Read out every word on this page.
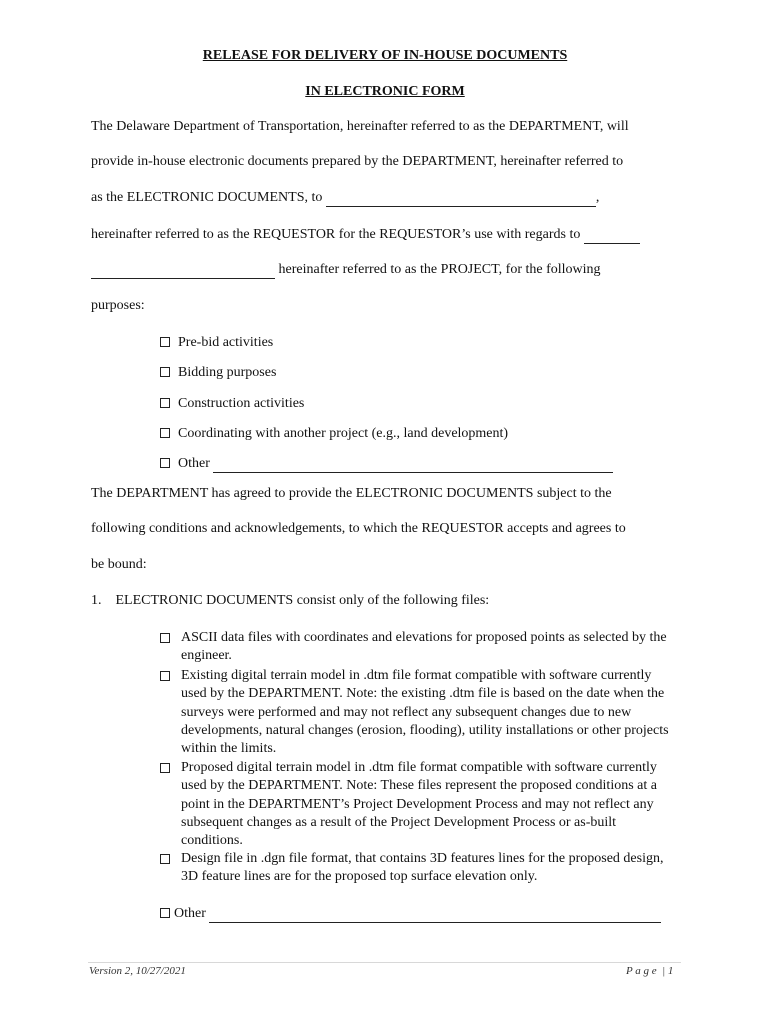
RELEASE FOR DELIVERY OF IN-HOUSE DOCUMENTS
IN ELECTRONIC FORM
The Delaware Department of Transportation, hereinafter referred to as the DEPARTMENT, will
provide in-house electronic documents prepared by the DEPARTMENT, hereinafter referred to
as the ELECTRONIC DOCUMENTS, to	,
hereinafter referred to as the REQUESTOR for the REQUESTOR’s use with regards to
hereinafter referred to as the PROJECT, for the following
purposes:
Pre-bid activities
Bidding purposes
Construction activities
Coordinating with another project (e.g., land development)
Other
The DEPARTMENT has agreed to provide the ELECTRONIC DOCUMENTS subject to the
following conditions and acknowledgements, to which the REQUESTOR accepts and agrees to
be bound:
1. ELECTRONIC DOCUMENTS consist only of the following files:
ASCII data files with coordinates and elevations for proposed points as selected by the engineer.
Existing digital terrain model in .dtm file format compatible with software currently used by the DEPARTMENT. Note: the existing .dtm file is based on the date when the surveys were performed and may not reflect any subsequent changes due to new developments, natural changes (erosion, flooding), utility installations or other projects within the limits.
Proposed digital terrain model in .dtm file format compatible with software currently used by the DEPARTMENT. Note: These files represent the proposed conditions at a point in the DEPARTMENT’s Project Development Process and may not reflect any subsequent changes as a result of the Project Development Process or as-built conditions.
Design file in .dgn file format, that contains 3D features lines for the proposed design, 3D feature lines are for the proposed top surface elevation only.
Other
Version 2, 10/27/2021	P a g e  | 1
